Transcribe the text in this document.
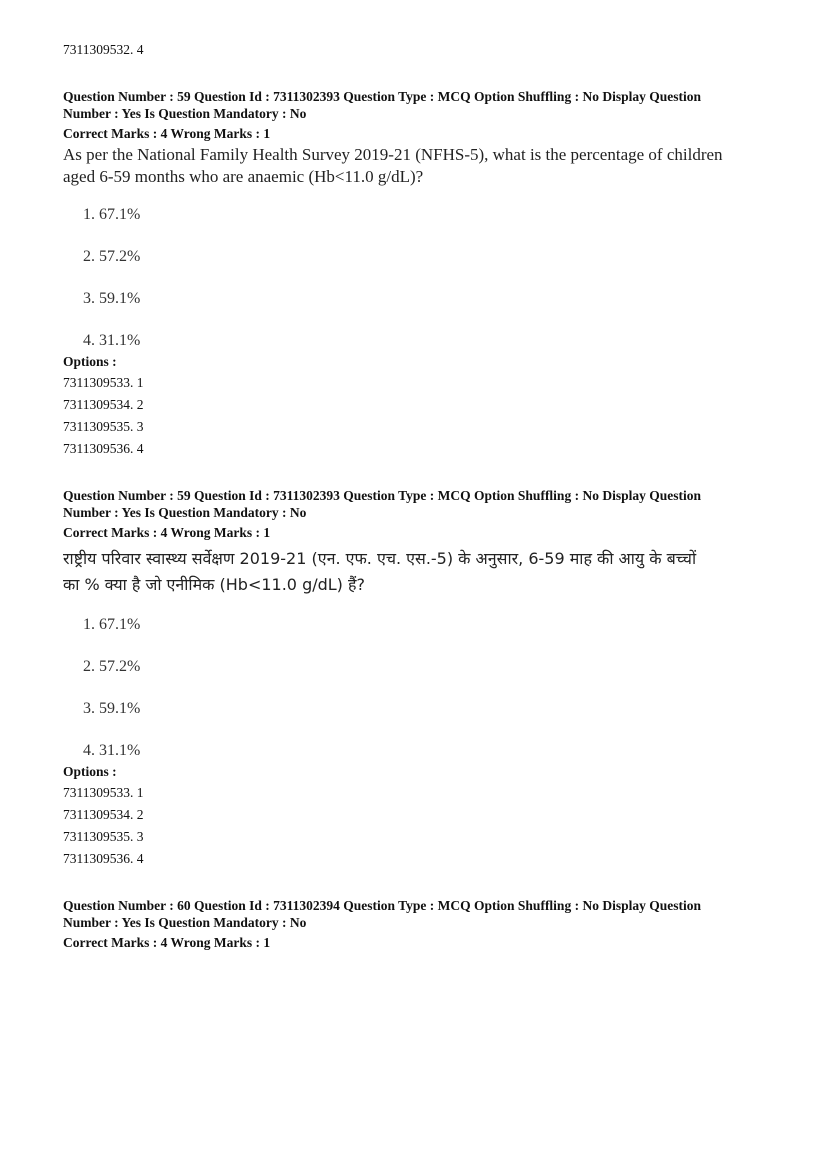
7311309532. 4
Question Number : 59 Question Id : 7311302393 Question Type : MCQ Option Shuffling : No Display Question
Number : Yes Is Question Mandatory : No
Correct Marks : 4 Wrong Marks : 1
As per the National Family Health Survey 2019-21 (NFHS-5), what is the percentage of children
aged 6-59 months who are anaemic (Hb<11.0 g/dL)?
1. 67.1%
2. 57.2%
3. 59.1%
4. 31.1%
Options :
7311309533. 1
7311309534. 2
7311309535. 3
7311309536. 4
Question Number : 59 Question Id : 7311302393 Question Type : MCQ Option Shuffling : No Display Question
Number : Yes Is Question Mandatory : No
Correct Marks : 4 Wrong Marks : 1
राष्ट्रीय परिवार स्वास्थ्य सर्वेक्षण 2019-21 (एन. एफ. एच. एस.-5) के अनुसार, 6-59 माह की आयु के बच्चों
का % क्या है जो एनीमिक (Hb<11.0 g/dL) हैं?
1. 67.1%
2. 57.2%
3. 59.1%
4. 31.1%
Options :
7311309533. 1
7311309534. 2
7311309535. 3
7311309536. 4
Question Number : 60 Question Id : 7311302394 Question Type : MCQ Option Shuffling : No Display Question
Number : Yes Is Question Mandatory : No
Correct Marks : 4 Wrong Marks : 1
